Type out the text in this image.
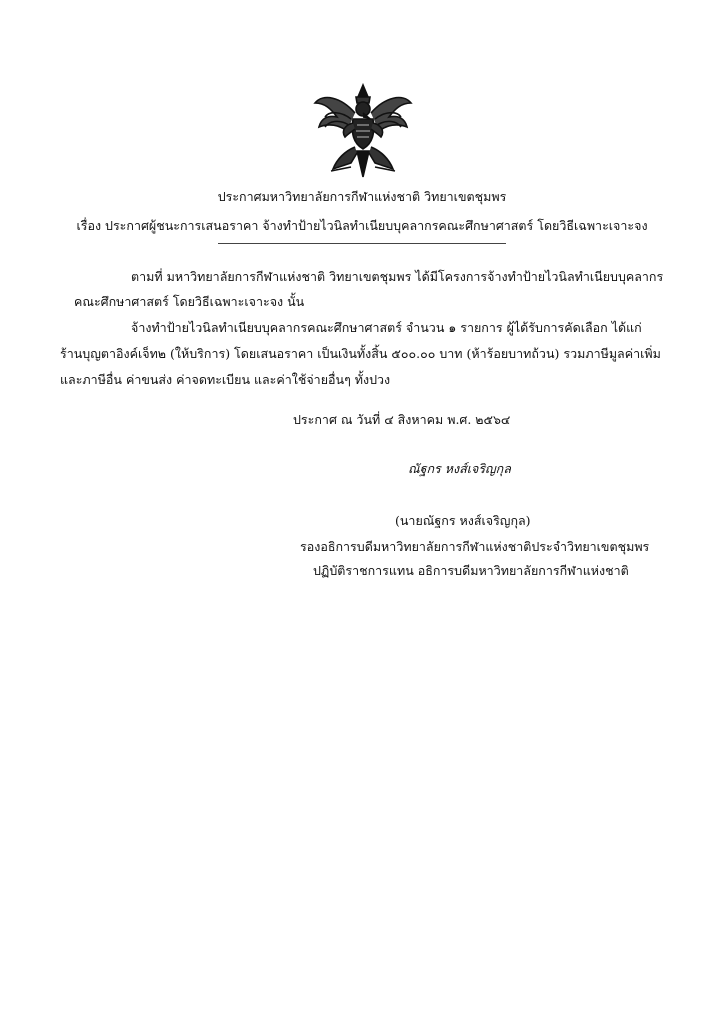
ประกาศมหาวิทยาลัยการกีฬาแห่งชาติ วิทยาเขตชุมพร
เรื่อง ประกาศผู้ชนะการเสนอราคา จ้างทำป้ายไวนิลทำเนียบบุคลากรคณะศึกษาศาสตร์ โดยวิธีเฉพาะเจาะจง
ตามที่ มหาวิทยาลัยการกีฬาแห่งชาติ วิทยาเขตชุมพร ได้มีโครงการจ้างทำป้ายไวนิลทำเนียบบุคลากร
คณะศึกษาศาสตร์ โดยวิธีเฉพาะเจาะจง นั้น
จ้างทำป้ายไวนิลทำเนียบบุคลากรคณะศึกษาศาสตร์ จำนวน ๑ รายการ ผู้ได้รับการคัดเลือก ได้แก่
ร้านบุญตาอิงค์เจ็ท๒ (ให้บริการ) โดยเสนอราคา เป็นเงินทั้งสิ้น ๕๐๐.๐๐ บาท (ห้าร้อยบาทถ้วน) รวมภาษีมูลค่าเพิ่ม
และภาษีอื่น ค่าขนส่ง ค่าจดทะเบียน และค่าใช้จ่ายอื่นๆ ทั้งปวง
ประกาศ ณ วันที่ ๔ สิงหาคม พ.ศ. ๒๕๖๔
ณัฐกร หงส์เจริญกุล
(นายณัฐกร หงส์เจริญกุล)
รองอธิการบดีมหาวิทยาลัยการกีฬาแห่งชาติประจำวิทยาเขตชุมพร
ปฏิบัติราชการแทน อธิการบดีมหาวิทยาลัยการกีฬาแห่งชาติ
